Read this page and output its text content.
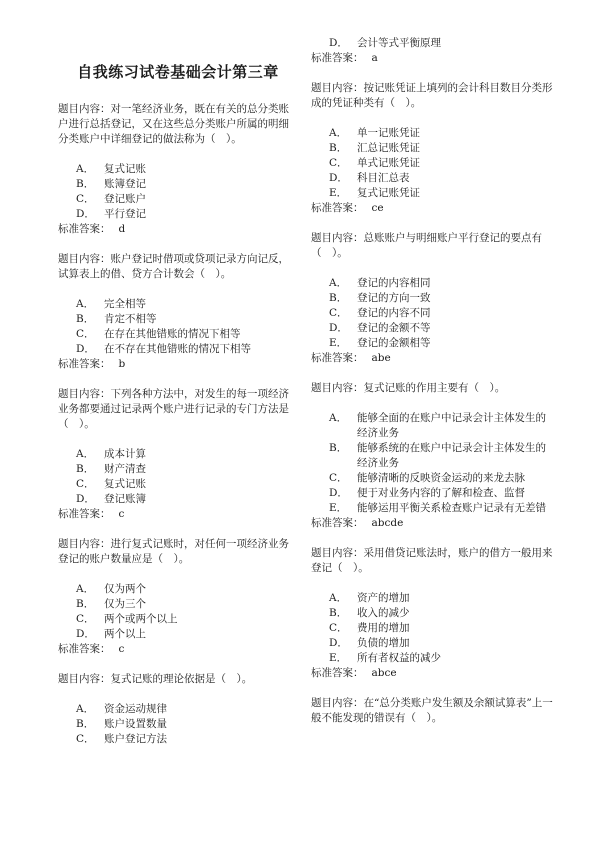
自我练习试卷基础会计第三章

题目内容：对一笔经济业务，既在有关的总分类账户进行总括登记，又在这些总分类账户所属的明细分类账户中详细登记的做法称为（　）。

A． 复式记账
B． 账簿登记
C． 登记账户
D． 平行登记

标准答案： d

题目内容：账户登记时借项或贷项记录方向记反，试算表上的借、贷方合计数会（　）。

A． 完全相等
B． 肯定不相等
C． 在存在其他错账的情况下相等
D． 在不存在其他错账的情况下相等

标准答案： b

题目内容：下列各种方法中，对发生的每一项经济业务都要通过记录两个账户进行记录的专门方法是（　）。

A． 成本计算
B． 财产清查
C． 复式记账
D． 登记账簿

标准答案： c

题目内容：进行复式记账时，对任何一项经济业务登记的账户数量应是（　）。

A． 仅为两个
B． 仅为三个
C． 两个或两个以上
D． 两个以上

标准答案： c

题目内容：复式记账的理论依据是（　）。

A． 资金运动规律
B． 账户设置数量
C． 账户登记方法
D． 会计等式平衡原理

标准答案： a

题目内容：按记账凭证上填列的会计科目数目分类形成的凭证种类有（　）。

A． 单一记账凭证
B． 汇总记账凭证
C． 单式记账凭证
D． 科目汇总表
E． 复式记账凭证

标准答案： ce

题目内容：总账账户与明细账户平行登记的要点有（　）。

A． 登记的内容相同
B． 登记的方向一致
C． 登记的内容不同
D． 登记的金额不等
E． 登记的金额相等

标准答案： abe

题目内容：复式记账的作用主要有（　）。

A． 能够全面的在账户中记录会计主体发生的经济业务
B． 能够系统的在账户中记录会计主体发生的经济业务
C． 能够清晰的反映资金运动的来龙去脉
D． 便于对业务内容的了解和检查、监督
E． 能够运用平衡关系检查账户记录有无差错

标准答案： abcde

题目内容：采用借贷记账法时，账户的借方一般用来登记（　）。

A． 资产的增加
B． 收入的减少
C． 费用的增加
D． 负债的增加
E． 所有者权益的减少

标准答案： abce

题目内容：在“总分类账户发生额及余额试算表”上一般不能发现的错误有（　）。
